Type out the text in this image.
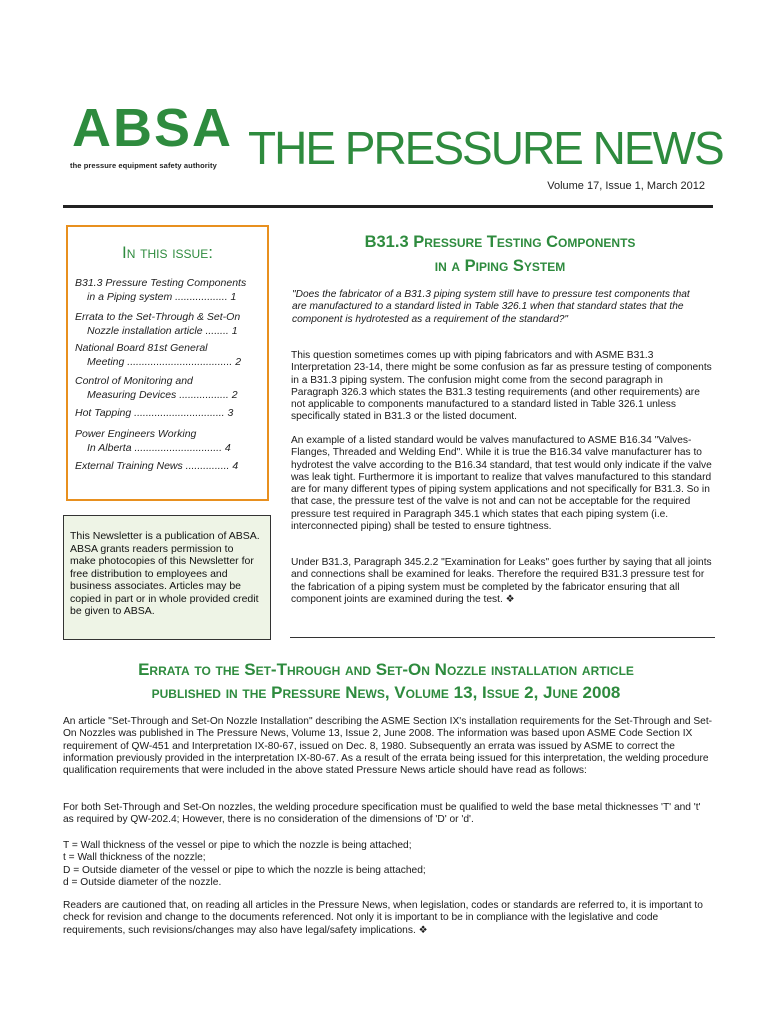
ABSA
the pressure equipment safety authority THE PRESSURE NEWS
Volume 17, Issue 1, March 2012
In this issue:
B31.3 Pressure Testing Components
in a Piping system .................. 1
Errata to the Set-Through & Set-On
Nozzle installation article ........ 1
National Board 81st General
Meeting .................................... 2
Control of Monitoring and
Measuring Devices ................. 2
Hot Tapping ............................... 3
Power Engineers Working
In Alberta .............................. 4
External Training News ............... 4
This Newsletter is a publication of ABSA. ABSA grants readers permission to make photocopies of this Newsletter for free distribution to employees and business associates. Articles may be copied in part or in whole provided credit be given to ABSA.
B31.3 Pressure Testing Components
in a Piping System
"Does the fabricator of a B31.3 piping system still have to pressure test components that are manufactured to a standard listed in Table 326.1 when that standard states that the component is hydrotested as a requirement of the standard?"
This question sometimes comes up with piping fabricators and with ASME B31.3 Interpretation 23-14, there might be some confusion as far as pressure testing of components in a B31.3 piping system. The confusion might come from the second paragraph in Paragraph 326.3 which states the B31.3 testing requirements (and other requirements) are not applicable to components manufactured to a standard listed in Table 326.1 unless specifically stated in B31.3 or the listed document.
An example of a listed standard would be valves manufactured to ASME B16.34 "Valves-Flanges, Threaded and Welding End". While it is true the B16.34 valve manufacturer has to hydrotest the valve according to the B16.34 standard, that test would only indicate if the valve was leak tight. Furthermore it is important to realize that valves manufactured to this standard are for many different types of piping system applications and not specifically for B31.3. So in that case, the pressure test of the valve is not and can not be acceptable for the required pressure test required in Paragraph 345.1 which states that each piping system (i.e. interconnected piping) shall be tested to ensure tightness.
Under B31.3, Paragraph 345.2.2 "Examination for Leaks" goes further by saying that all joints and connections shall be examined for leaks. Therefore the required B31.3 pressure test for the fabrication of a piping system must be completed by the fabricator ensuring that all component joints are examined during the test. ❖
Errata to the Set-Through and Set-On Nozzle installation article
published in the Pressure News, Volume 13, Issue 2, June 2008
An article "Set-Through and Set-On Nozzle Installation" describing the ASME Section IX's installation requirements for the Set-Through and Set-On Nozzles was published in The Pressure News, Volume 13, Issue 2, June 2008. The information was based upon ASME Code Section IX requirement of QW-451 and Interpretation IX-80-67, issued on Dec. 8, 1980. Subsequently an errata was issued by ASME to correct the information previously provided in the interpretation IX-80-67. As a result of the errata being issued for this interpretation, the welding procedure qualification requirements that were included in the above stated Pressure News article should have read as follows:
For both Set-Through and Set-On nozzles, the welding procedure specification must be qualified to weld the base metal thicknesses 'T' and 't' as required by QW-202.4; However, there is no consideration of the dimensions of 'D' or 'd'.
T = Wall thickness of the vessel or pipe to which the nozzle is being attached;
t = Wall thickness of the nozzle;
D = Outside diameter of the vessel or pipe to which the nozzle is being attached;
d = Outside diameter of the nozzle.
Readers are cautioned that, on reading all articles in the Pressure News, when legislation, codes or standards are referred to, it is important to check for revision and change to the documents referenced. Not only it is important to be in compliance with the legislative and code requirements, such revisions/changes may also have legal/safety implications. ❖
